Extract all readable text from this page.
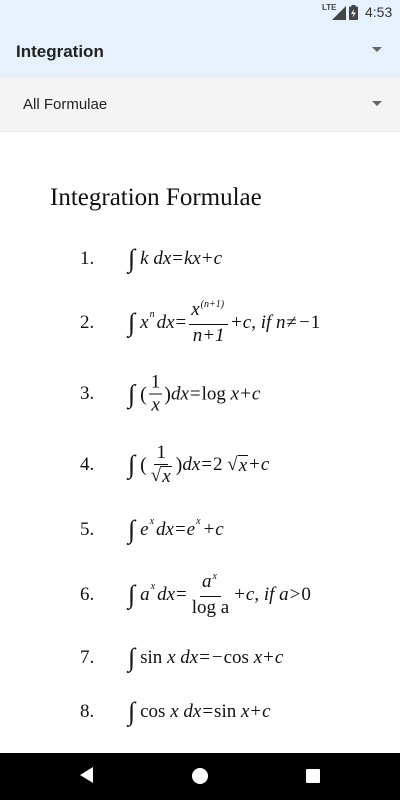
LTE 4:53
Integration
All Formulae
Integration Formulae
1. ∫ k
dx = kx + c
2. ∫ x n dx = $\frac{x^{(n+1)}}{n+1} + c$ ,
if
n ≠ − 1
3. ∫ ( $\frac{1}{x}$ ) dx = log
x + c
4. ∫ ( $\frac{1}{√ x}$ ) dx = 2
√ x + c
5. ∫ e x dx = e x + c
6. ∫ a x dx = $\frac{a^x}{\text{log a}} + c$ ,
if
a > 0
7. ∫ sin
x
dx = − cos
x + c
8. ∫ cos
x
dx = sin
x + c
